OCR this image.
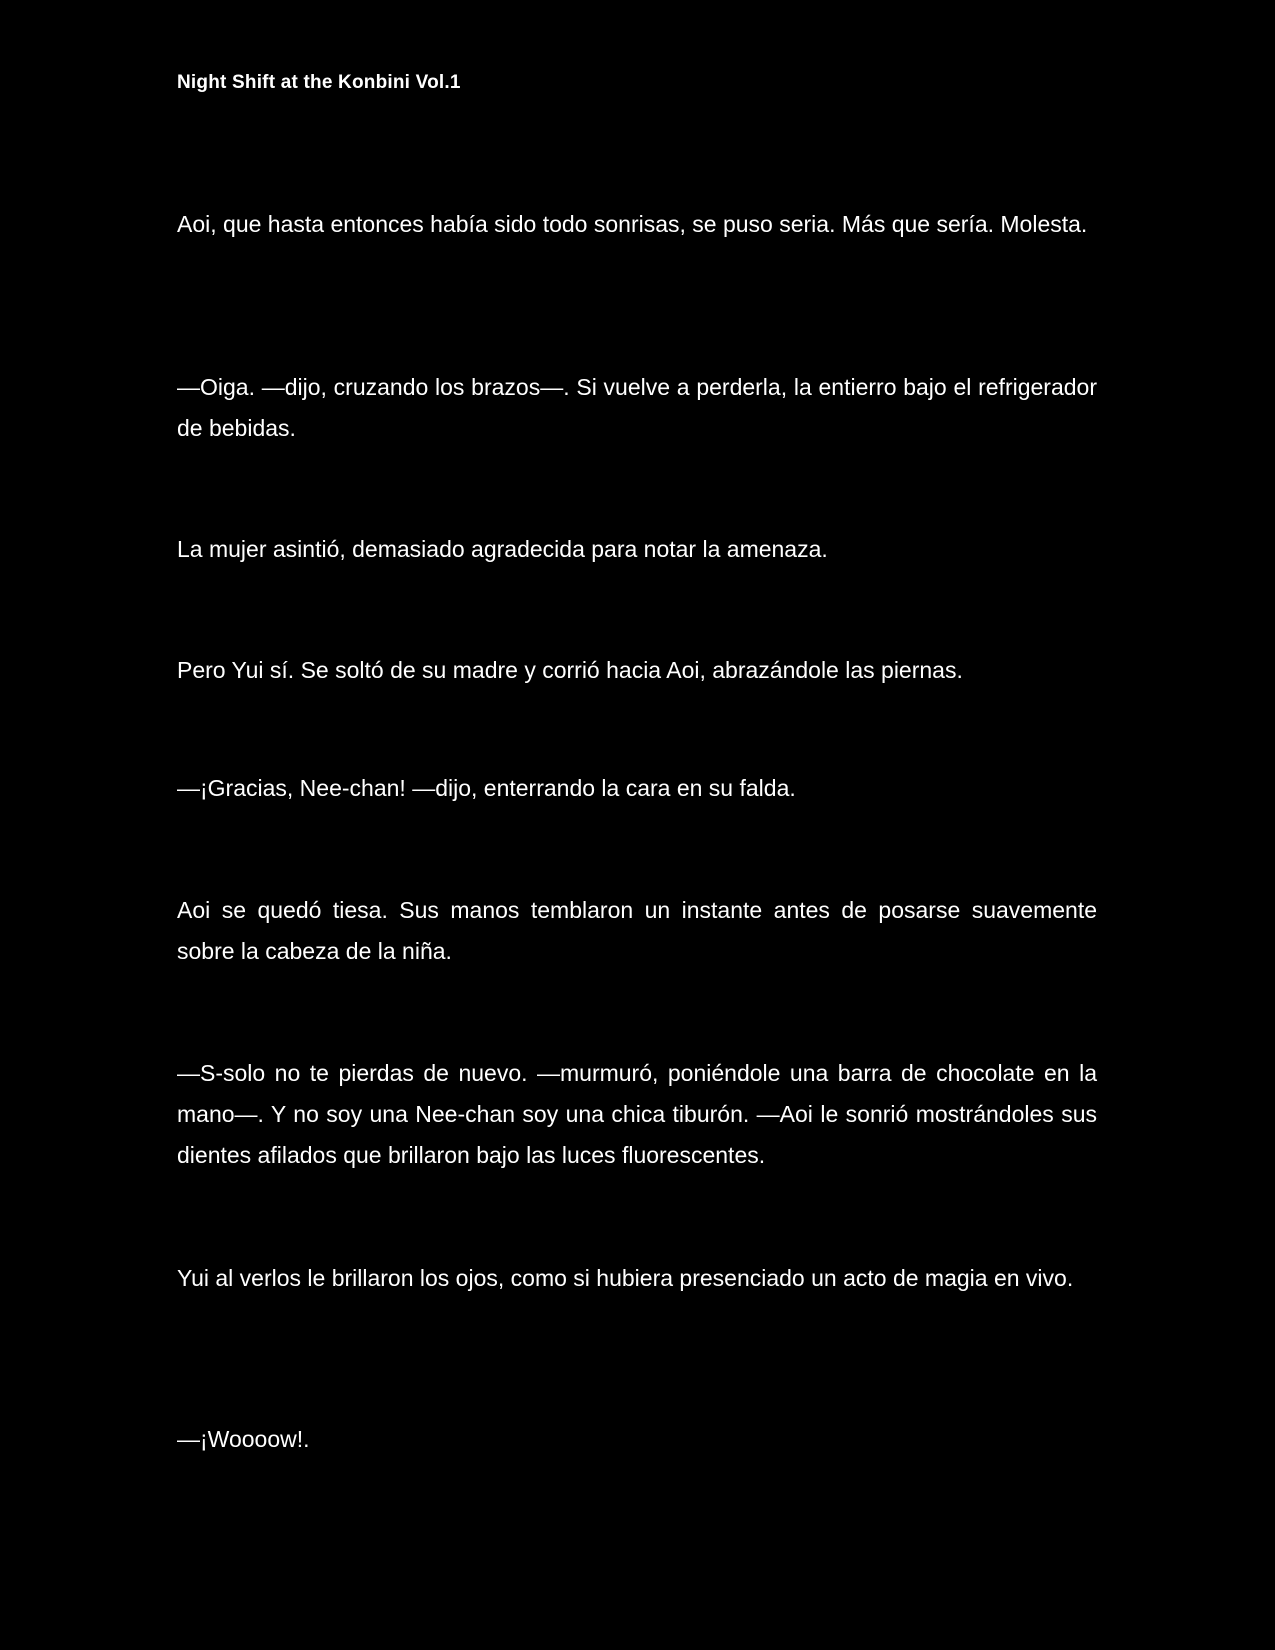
Night Shift at the Konbini Vol.1

Aoi, que hasta entonces había sido todo sonrisas, se puso seria. Más que sería. Molesta.

—Oiga. —dijo, cruzando los brazos—. Si vuelve a perderla, la entierro bajo el refrigerador de bebidas.

La mujer asintió, demasiado agradecida para notar la amenaza.

Pero Yui sí. Se soltó de su madre y corrió hacia Aoi, abrazándole las piernas.

—¡Gracias, Nee-chan! —dijo, enterrando la cara en su falda.

Aoi se quedó tiesa. Sus manos temblaron un instante antes de posarse suavemente sobre la cabeza de la niña.

—S-solo no te pierdas de nuevo. —murmuró, poniéndole una barra de chocolate en la mano—. Y no soy una Nee-chan soy una chica tiburón. —Aoi le sonrió mostrándoles sus dientes afilados que brillaron bajo las luces fluorescentes.

Yui al verlos le brillaron los ojos, como si hubiera presenciado un acto de magia en vivo.

—¡Woooow!.
